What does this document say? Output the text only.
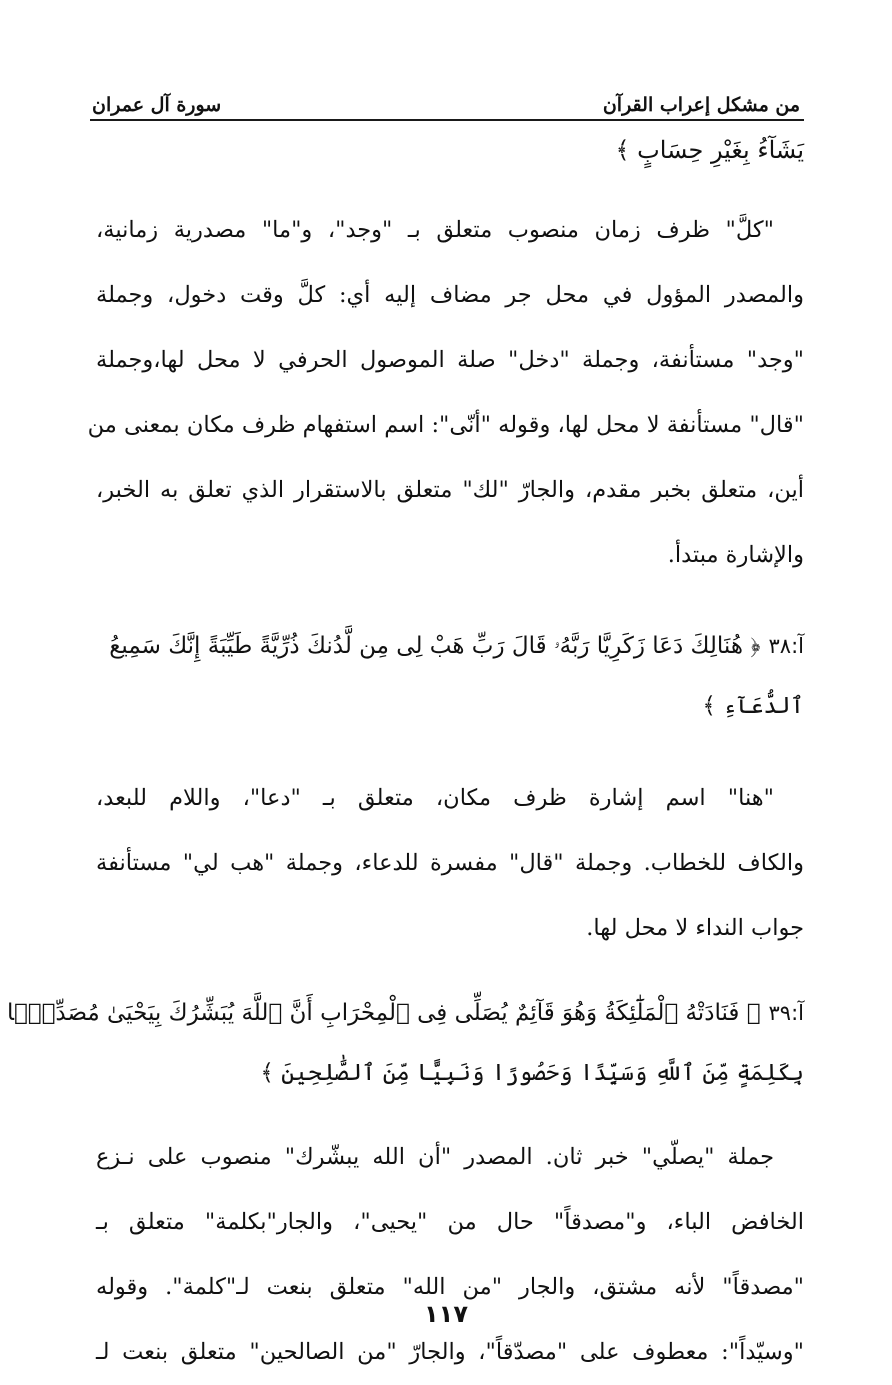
من مشكل إعراب القرآن
سورة آل عمران
يَشَآءُ بِغَيْرِ حِسَابٍ ﴾
"كلَّ" ظرف زمان منصوب متعلق بـ "وجد"، و"ما" مصدرية زمانية،
والمصدر المؤول في محل جر مضاف إليه أي: كلَّ وقت دخول، وجملة
"وجد" مستأنفة، وجملة "دخل" صلة الموصول الحرفي لا محل لها،وجملة
"قال" مستأنفة لا محل لها، وقوله "أنّى": اسم استفهام ظرف مكان بمعنى من
أين، متعلق بخبر مقدم، والجارّ "لك" متعلق بالاستقرار الذي تعلق به الخبر،
والإشارة مبتدأ.
آ:٣٨﴿ هُنَالِكَ دَعَا زَكَرِيَّا رَبَّهُۥ قَالَ رَبِّ هَبْ لِى مِن لَّدُنكَ ذُرِّيَّةً طَيِّبَةً إِنَّكَ سَمِيعُ
ٱلدُّعَآءِ ﴾
"هنا" اسم إشارة ظرف مكان، متعلق بـ "دعا"، واللام للبعد،
والكاف للخطاب. وجملة "قال" مفسرة للدعاء، وجملة "هب لي" مستأنفة
جواب النداء لا محل لها.
آ:٣٩﴿ فَنَادَتْهُ ٱلْمَلَٰٓئِكَةُ وَهُوَ قَآئِمٌ يُصَلِّى فِى ٱلْمِحْرَابِ أَنَّ ٱللَّهَ يُبَشِّرُكَ بِيَحْيَىٰ مُصَدِّقًۢا
بِكَلِمَةٍ مِّنَ ٱللَّهِ وَسَيِّدًا وَحَصُورًا وَنَبِيًّا مِّنَ ٱلصَّٰلِحِينَ ﴾
جملة "يصلّي" خبر ثان. المصدر "أن الله يبشّرك" منصوب على نـزع
الخافض الباء، و"مصدقاً" حال من "يحيى"، والجار"بكلمة" متعلق بـ
"مصدقاً" لأنه مشتق، والجار "من الله" متعلق بنعت لـ"كلمة". وقوله
"وسيّداً": معطوف على "مصدّقاً"، والجارّ "من الصالحين" متعلق بنعت لـ
١١٧
